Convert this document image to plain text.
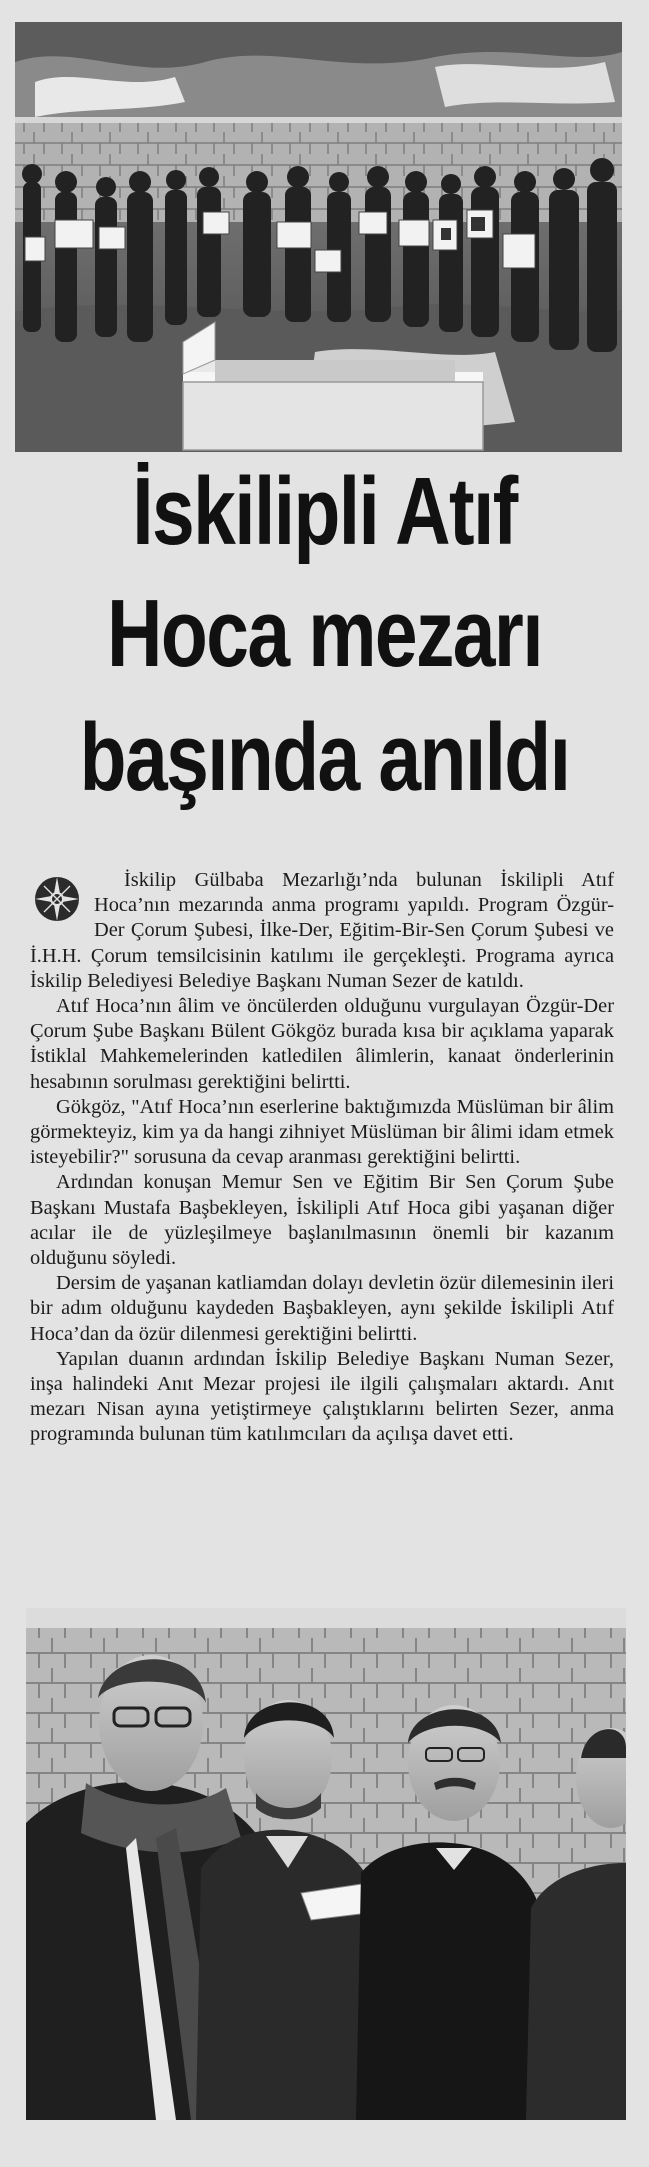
İskilipli Atıf
Hoca mezarı
başında anıldı

İskilip Gülbaba Mezarlığı’nda bulunan İskilipli Atıf Hoca’nın mezarında anma programı yapıldı. Program Özgür-Der Çorum Şubesi, İlke-Der, Eğitim-Bir-Sen Çorum Şubesi ve İ.H.H. Çorum temsilcisinin katılımı ile gerçekleşti. Programa ayrıca İskilip Belediyesi Belediye Başkanı Numan Sezer de katıldı.

Atıf Hoca’nın âlim ve öncülerden olduğunu vurgulayan Özgür-Der Çorum Şube Başkanı Bülent Gökgöz burada kısa bir açıklama yaparak İstiklal Mahkemelerinden katledilen âlimlerin, kanaat önderlerinin hesabının sorulması gerektiğini belirtti.

Gökgöz, "Atıf Hoca’nın eserlerine baktığımızda Müslüman bir âlim görmekteyiz, kim ya da hangi zihniyet Müslüman bir âlimi idam etmek isteyebilir?" sorusuna da cevap aranması gerektiğini belirtti.

Ardından konuşan Memur Sen ve Eğitim Bir Sen Çorum Şube Başkanı Mustafa Başbekleyen, İskilipli Atıf Hoca gibi yaşanan diğer acılar ile de yüzleşilmeye başlanılmasının önemli bir kazanım olduğunu söyledi.

Dersim de yaşanan katliamdan dolayı devletin özür dilemesinin ileri bir adım olduğunu kaydeden Başbakleyen, aynı şekilde İskilipli Atıf Hoca’dan da özür dilenmesi gerektiğini belirtti.

Yapılan duanın ardından İskilip Belediye Başkanı Numan Sezer, inşa halindeki Anıt Mezar projesi ile ilgili çalışmaları aktardı. Anıt mezarı Nisan ayına yetiştirmeye çalıştıklarını belirten Sezer, anma programında bulunan tüm katılımcıları da açılışa davet etti.
